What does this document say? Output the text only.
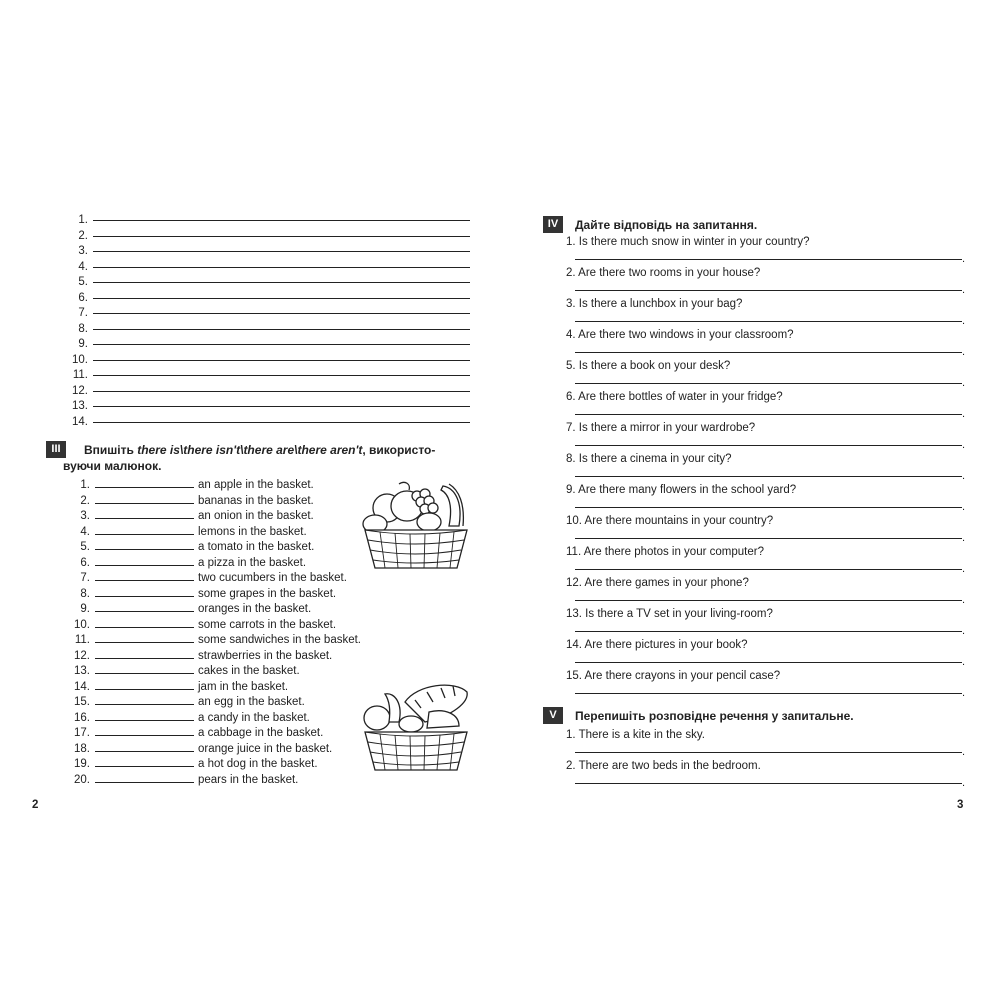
1.
2.
3.
4.
5.
6.
7.
8.
9.
10.
11.
12.
13.
14.
III	Впишіть there is\there isn't\there are\there aren't, використо-
вуючи малюнок.
1.	an apple in the basket.
2.	bananas in the basket.
3.	an onion in the basket.
4.	lemons in the basket.
5.	a tomato in the basket.
6.	a pizza in the basket.
7.	two cucumbers in the basket.
8.	some grapes in the basket.
9.	oranges in the basket.
10.	some carrots in the basket.
11.	some sandwiches in the basket.
12.	strawberries in the basket.
13.	cakes in the basket.
14.	jam in the basket.
15.	an egg in the basket.
16.	a candy in the basket.
17.	a cabbage in the basket.
18.	orange juice in the basket.
19.	a hot dog in the basket.
20.	pears in the basket.
2
IV	Дайте відповідь на запитання.
1. Is there much snow in winter in your country?
.
2. Are there two rooms in your house?
.
3. Is there a lunchbox in your bag?
.
4. Are there two windows in your classroom?
.
5. Is there a book on your desk?
.
6. Are there bottles of water in your fridge?
.
7. Is there a mirror in your wardrobe?
.
8. Is there a cinema in your city?
.
9. Are there many flowers in the school yard?
.
10. Are there mountains in your country?
.
11. Are there photos in your computer?
.
12. Are there games in your phone?
.
13. Is there a TV set in your living-room?
.
14. Are there pictures in your book?
.
15. Are there crayons in your pencil case?
.
V	Перепишіть розповідне речення у запитальне.
1. There is a kite in the sky.
.
2. There are two beds in the bedroom.
.
3
